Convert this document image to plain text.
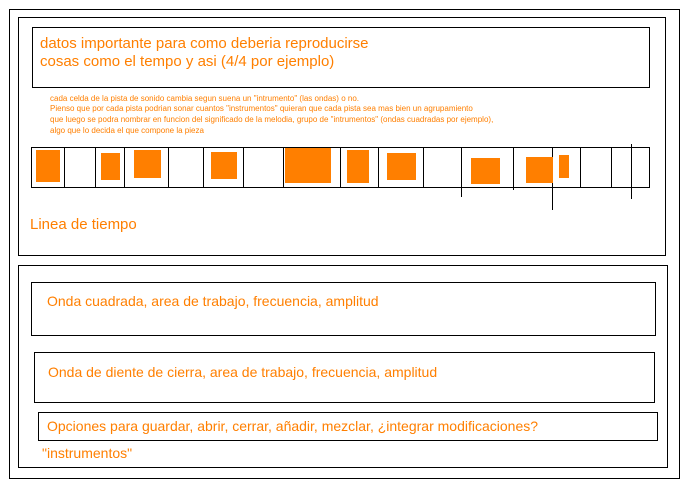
datos importante para como deberia reproducirse
cosas como el tempo y asi (4/4 por ejemplo)
cada celda de la pista de sonido cambia segun suena un "intrumento" (las ondas) o no.
Pienso que por cada pista podrian sonar cuantos "instrumentos" quieran que cada pista sea mas bien un agrupamiento
que luego se podra nombrar en funcion del significado de la melodia, grupo de "intrumentos" (ondas cuadradas por ejemplo),
algo que lo decida el que compone la pieza
Linea de tiempo
Onda cuadrada, area de trabajo, frecuencia, amplitud
Onda de diente de cierra, area de trabajo, frecuencia, amplitud
Opciones para guardar, abrir, cerrar, añadir, mezclar, ¿integrar modificaciones?
"instrumentos"
